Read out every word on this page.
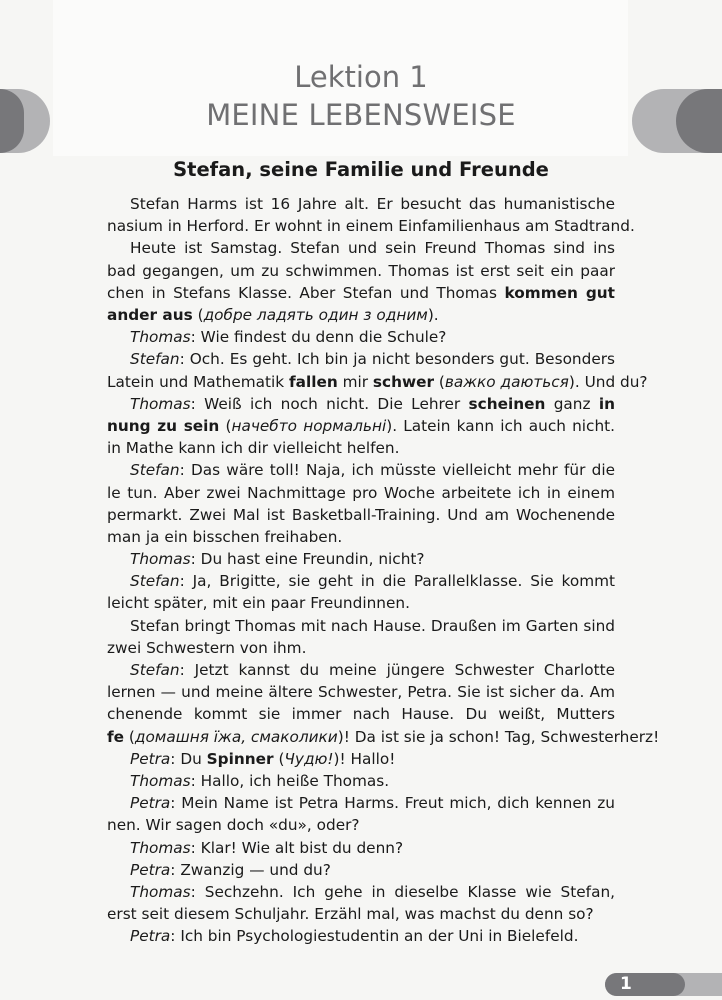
Lektion 1
MEINE LEBENSWEISE
Stefan, seine Familie und Freunde
Stefan Harms ist 16 Jahre alt. Er besucht das humanistische
nasium in Herford. Er wohnt in einem Einfamilienhaus am Stadtrand.
Heute ist Samstag. Stefan und sein Freund Thomas sind ins
bad gegangen, um zu schwimmen. Thomas ist erst seit ein paar
chen in Stefans Klasse. Aber Stefan und Thomas kommen gut
ander aus (добре ладять один з одним).
Thomas: Wie findest du denn die Schule?
Stefan: Och. Es geht. Ich bin ja nicht besonders gut. Besonders
Latein und Mathematik fallen mir schwer (важко даються). Und du?
Thomas: Weiß ich noch nicht. Die Lehrer scheinen ganz in
nung zu sein (начебто нормальні). Latein kann ich auch nicht.
in Mathe kann ich dir vielleicht helfen.
Stefan: Das wäre toll! Naja, ich müsste vielleicht mehr für die
le tun. Aber zwei Nachmittage pro Woche arbeitete ich in einem
permarkt. Zwei Mal ist Basketball-Training. Und am Wochenende
man ja ein bisschen freihaben.
Thomas: Du hast eine Freundin, nicht?
Stefan: Ja, Brigitte, sie geht in die Parallelklasse. Sie kommt
leicht später, mit ein paar Freundinnen.
Stefan bringt Thomas mit nach Hause. Draußen im Garten sind
zwei Schwestern von ihm.
Stefan: Jetzt kannst du meine jüngere Schwester Charlotte
lernen — und meine ältere Schwester, Petra. Sie ist sicher da. Am
chenende kommt sie immer nach Hause. Du weißt, Mutters
fe (домашня їжа, смаколики)! Da ist sie ja schon! Tag, Schwesterherz!
Petra: Du Spinner (Чудю!)! Hallo!
Thomas: Hallo, ich heiße Thomas.
Petra: Mein Name ist Petra Harms. Freut mich, dich kennen zu
nen. Wir sagen doch «du», oder?
Thomas: Klar! Wie alt bist du denn?
Petra: Zwanzig — und du?
Thomas: Sechzehn. Ich gehe in dieselbe Klasse wie Stefan,
erst seit diesem Schuljahr. Erzähl mal, was machst du denn so?
Petra: Ich bin Psychologiestudentin an der Uni in Bielefeld.
1
